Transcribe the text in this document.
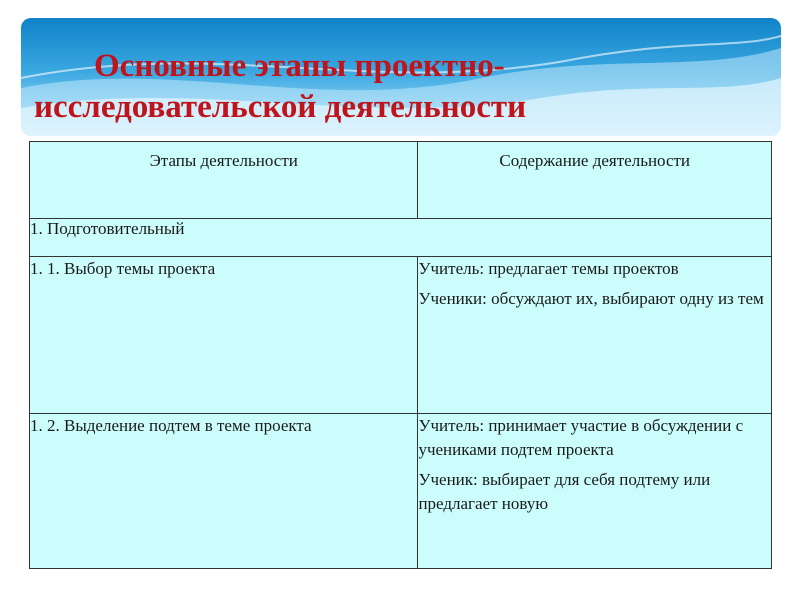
Основные этапы проектно-
исследовательской деятельности
Этапы деятельности	Содержание деятельности
1. Подготовительный	
1. 1. Выбор темы проекта	Учитель: предлагает темы проектов

Ученики: обсуждают их, выбирают одну из тем

1. 2. Выделение подтем в теме проекта	Учитель: принимает участие в обсуждении с учениками подтем проекта

Ученик: выбирает для себя подтему или предлагает новую
